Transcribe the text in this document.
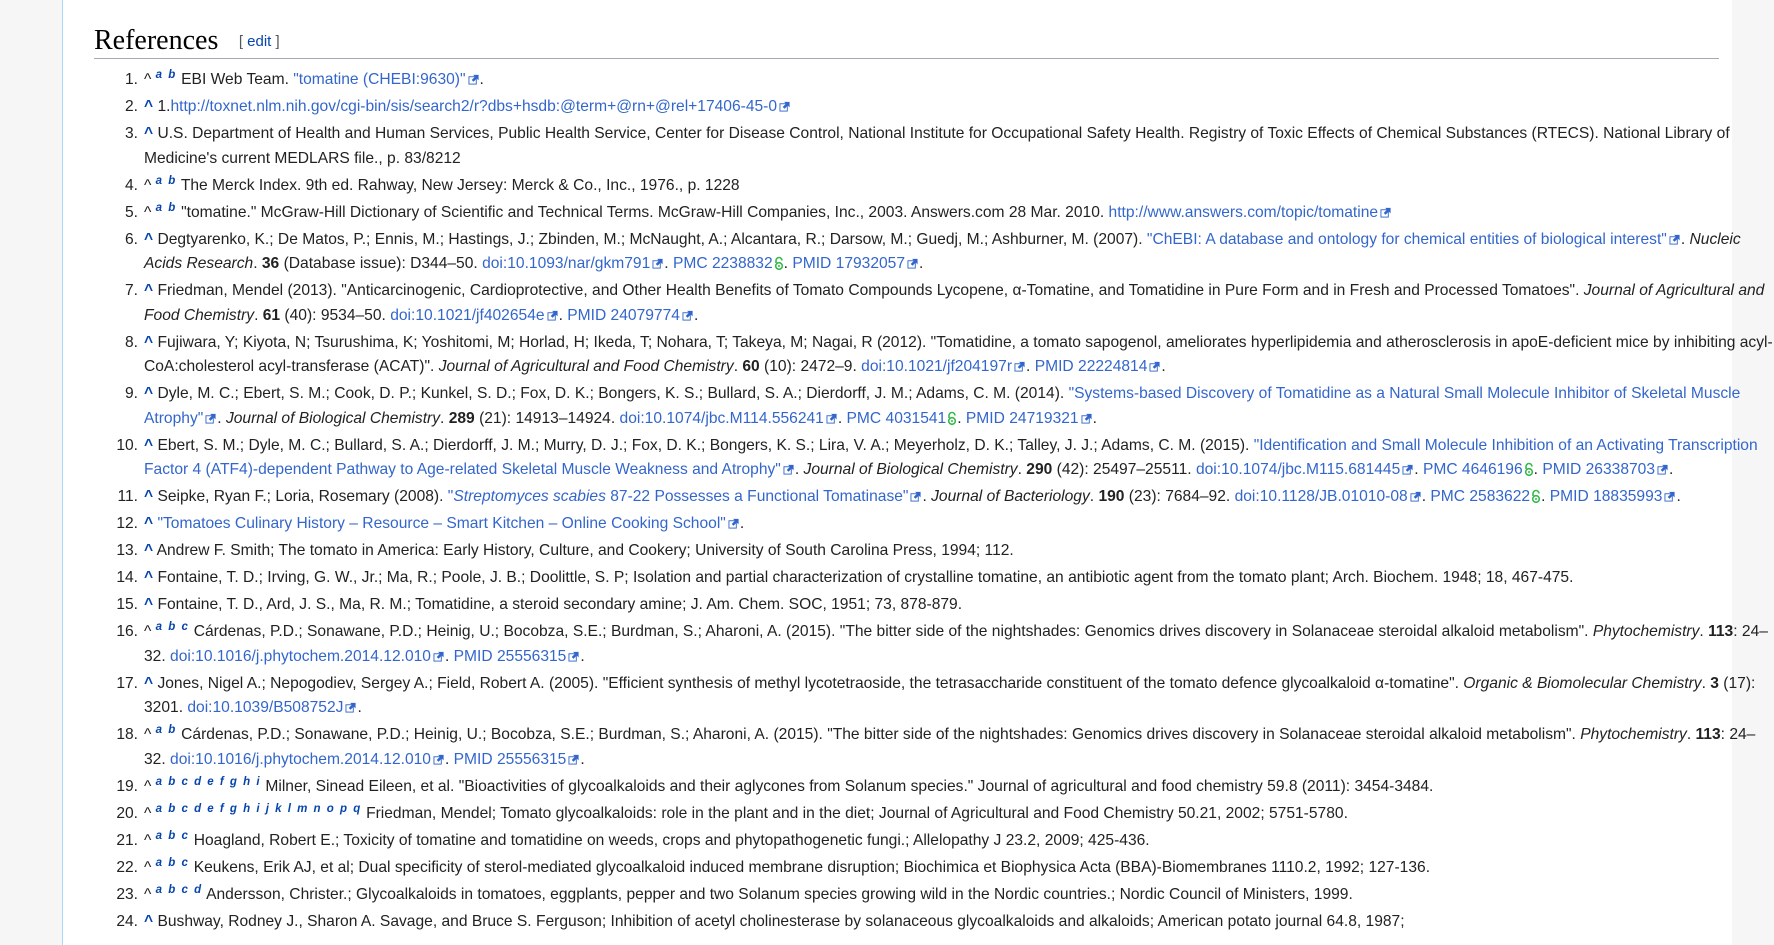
References [ edit ]
1. ^ $^{a b}$ EBI Web Team. "tomatine (CHEBI:9630)" .
2. ^ 1.http://toxnet.nlm.nih.gov/cgi-bin/sis/search2/r?dbs+hsdb:@term+@rn+@rel+17406-45-0
3. ^ U.S. Department of Health and Human Services, Public Health Service, Center for Disease Control, National Institute for Occupational Safety Health. Registry of Toxic Effects of Chemical Substances (RTECS). National Library of Medicine's current MEDLARS file., p. 83/8212
4. ^ $^{a b}$ The Merck Index. 9th ed. Rahway, New Jersey: Merck & Co., Inc., 1976., p. 1228
5. ^ $^{a b}$ "tomatine." McGraw-Hill Dictionary of Scientific and Technical Terms. McGraw-Hill Companies, Inc., 2003. Answers.com 28 Mar. 2010. http://www.answers.com/topic/tomatine
6. ^ Degtyarenko, K.; De Matos, P.; Ennis, M.; Hastings, J.; Zbinden, M.; McNaught, A.; Alcantara, R.; Darsow, M.; Guedj, M.; Ashburner, M. (2007). "ChEBI: A database and ontology for chemical entities of biological interest" . Nucleic Acids Research. 36 (Database issue): D344–50. doi:10.1093/nar/gkm791 . PMC 2238832 . PMID 17932057 .
7. ^ Friedman, Mendel (2013). "Anticarcinogenic, Cardioprotective, and Other Health Benefits of Tomato Compounds Lycopene, α-Tomatine, and Tomatidine in Pure Form and in Fresh and Processed Tomatoes". Journal of Agricultural and Food Chemistry. 61 (40): 9534–50. doi:10.1021/jf402654e . PMID 24079774 .
8. ^ Fujiwara, Y; Kiyota, N; Tsurushima, K; Yoshitomi, M; Horlad, H; Ikeda, T; Nohara, T; Takeya, M; Nagai, R (2012). "Tomatidine, a tomato sapogenol, ameliorates hyperlipidemia and atherosclerosis in apoE-deficient mice by inhibiting acyl-CoA:cholesterol acyl-transferase (ACAT)". Journal of Agricultural and Food Chemistry. 60 (10): 2472–9. doi:10.1021/jf204197r . PMID 22224814 .
9. ^ Dyle, M. C.; Ebert, S. M.; Cook, D. P.; Kunkel, S. D.; Fox, D. K.; Bongers, K. S.; Bullard, S. A.; Dierdorff, J. M.; Adams, C. M. (2014). "Systems-based Discovery of Tomatidine as a Natural Small Molecule Inhibitor of Skeletal Muscle Atrophy" . Journal of Biological Chemistry. 289 (21): 14913–14924. doi:10.1074/jbc.M114.556241 . PMC 4031541 . PMID 24719321 .
10. ^ Ebert, S. M.; Dyle, M. C.; Bullard, S. A.; Dierdorff, J. M.; Murry, D. J.; Fox, D. K.; Bongers, K. S.; Lira, V. A.; Meyerholz, D. K.; Talley, J. J.; Adams, C. M. (2015). "Identification and Small Molecule Inhibition of an Activating Transcription Factor 4 (ATF4)-dependent Pathway to Age-related Skeletal Muscle Weakness and Atrophy" . Journal of Biological Chemistry. 290 (42): 25497–25511. doi:10.1074/jbc.M115.681445 . PMC 4646196 . PMID 26338703 .
11. ^ Seipke, Ryan F.; Loria, Rosemary (2008). "Streptomyces scabies 87-22 Possesses a Functional Tomatinase" . Journal of Bacteriology. 190 (23): 7684–92. doi:10.1128/JB.01010-08 . PMC 2583622 . PMID 18835993 .
12. ^ "Tomatoes Culinary History – Resource – Smart Kitchen – Online Cooking School" .
13. ^ Andrew F. Smith; The tomato in America: Early History, Culture, and Cookery; University of South Carolina Press, 1994; 112.
14. ^ Fontaine, T. D.; Irving, G. W., Jr.; Ma, R.; Poole, J. B.; Doolittle, S. P; Isolation and partial characterization of crystalline tomatine, an antibiotic agent from the tomato plant; Arch. Biochem. 1948; 18, 467-475.
15. ^ Fontaine, T. D., Ard, J. S., Ma, R. M.; Tomatidine, a steroid secondary amine; J. Am. Chem. SOC, 1951; 73, 878-879.
16. ^ $^{a b c}$ Cárdenas, P.D.; Sonawane, P.D.; Heinig, U.; Bocobza, S.E.; Burdman, S.; Aharoni, A. (2015). "The bitter side of the nightshades: Genomics drives discovery in Solanaceae steroidal alkaloid metabolism". Phytochemistry. 113: 24–32. doi:10.1016/j.phytochem.2014.12.010 . PMID 25556315 .
17. ^ Jones, Nigel A.; Nepogodiev, Sergey A.; Field, Robert A. (2005). "Efficient synthesis of methyl lycotetraoside, the tetrasaccharide constituent of the tomato defence glycoalkaloid α-tomatine". Organic & Biomolecular Chemistry. 3 (17): 3201. doi:10.1039/B508752J .
18. ^ $^{a b}$ Cárdenas, P.D.; Sonawane, P.D.; Heinig, U.; Bocobza, S.E.; Burdman, S.; Aharoni, A. (2015). "The bitter side of the nightshades: Genomics drives discovery in Solanaceae steroidal alkaloid metabolism". Phytochemistry. 113: 24–32. doi:10.1016/j.phytochem.2014.12.010 . PMID 25556315 .
19. ^ $^{a b c d e f g h i}$ Milner, Sinead Eileen, et al. "Bioactivities of glycoalkaloids and their aglycones from Solanum species." Journal of agricultural and food chemistry 59.8 (2011): 3454-3484.
20. ^ $^{a b c d e f g h i j k l m n o p q}$ Friedman, Mendel; Tomato glycoalkaloids: role in the plant and in the diet; Journal of Agricultural and Food Chemistry 50.21, 2002; 5751-5780.
21. ^ $^{a b c}$ Hoagland, Robert E.; Toxicity of tomatine and tomatidine on weeds, crops and phytopathogenetic fungi.; Allelopathy J 23.2, 2009; 425-436.
22. ^ $^{a b c}$ Keukens, Erik AJ, et al; Dual specificity of sterol-mediated glycoalkaloid induced membrane disruption; Biochimica et Biophysica Acta (BBA)-Biomembranes 1110.2, 1992; 127-136.
23. ^ $^{a b c d}$ Andersson, Christer.; Glycoalkaloids in tomatoes, eggplants, pepper and two Solanum species growing wild in the Nordic countries.; Nordic Council of Ministers, 1999.
24. ^ Bushway, Rodney J., Sharon A. Savage, and Bruce S. Ferguson; Inhibition of acetyl cholinesterase by solanaceous glycoalkaloids and alkaloids; American potato journal 64.8, 1987;
